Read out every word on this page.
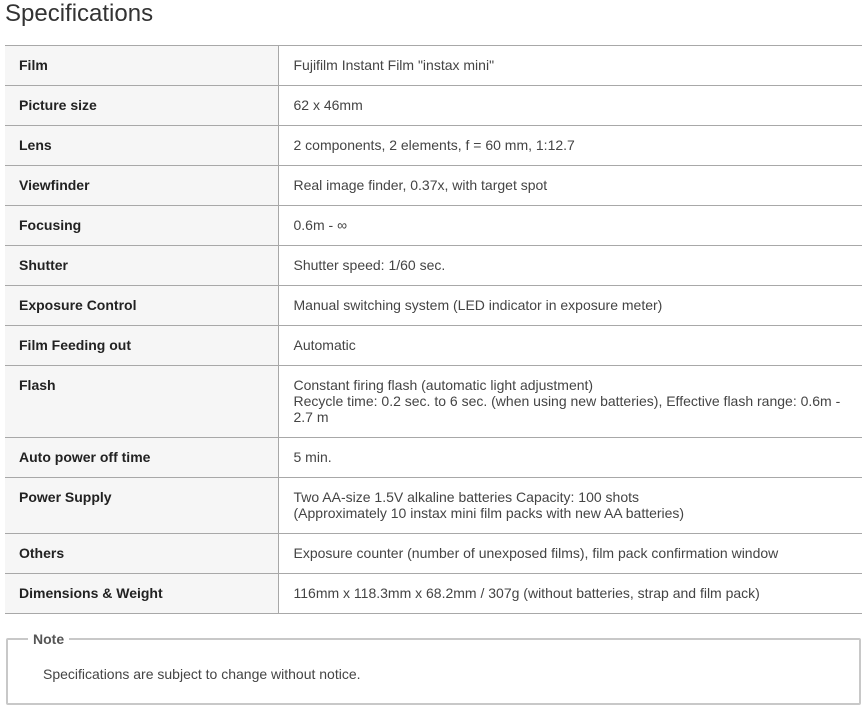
Specifications
Film	Fujifilm Instant Film "instax mini"

Picture size	62 x 46mm

Lens	2 components, 2 elements, f = 60 mm, 1:12.7

Viewfinder	Real image finder, 0.37x, with target spot

Focusing	0.6m - ∞

Shutter	Shutter speed: 1/60 sec.

Exposure Control	Manual switching system (LED indicator in exposure meter)

Film Feeding out	Automatic

Flash	Constant firing flash (automatic light adjustment)
Recycle time: 0.2 sec. to 6 sec. (when using new batteries), Effective flash range: 0.6m - 2.7 m

Auto power off time	5 min.

Power Supply	Two AA-size 1.5V alkaline batteries Capacity: 100 shots
(Approximately 10 instax mini film packs with new AA batteries)

Others	Exposure counter (number of unexposed films), film pack confirmation window

Dimensions & Weight	116mm x 118.3mm x 68.2mm / 307g (without batteries, strap and film pack)
Note
Specifications are subject to change without notice.
